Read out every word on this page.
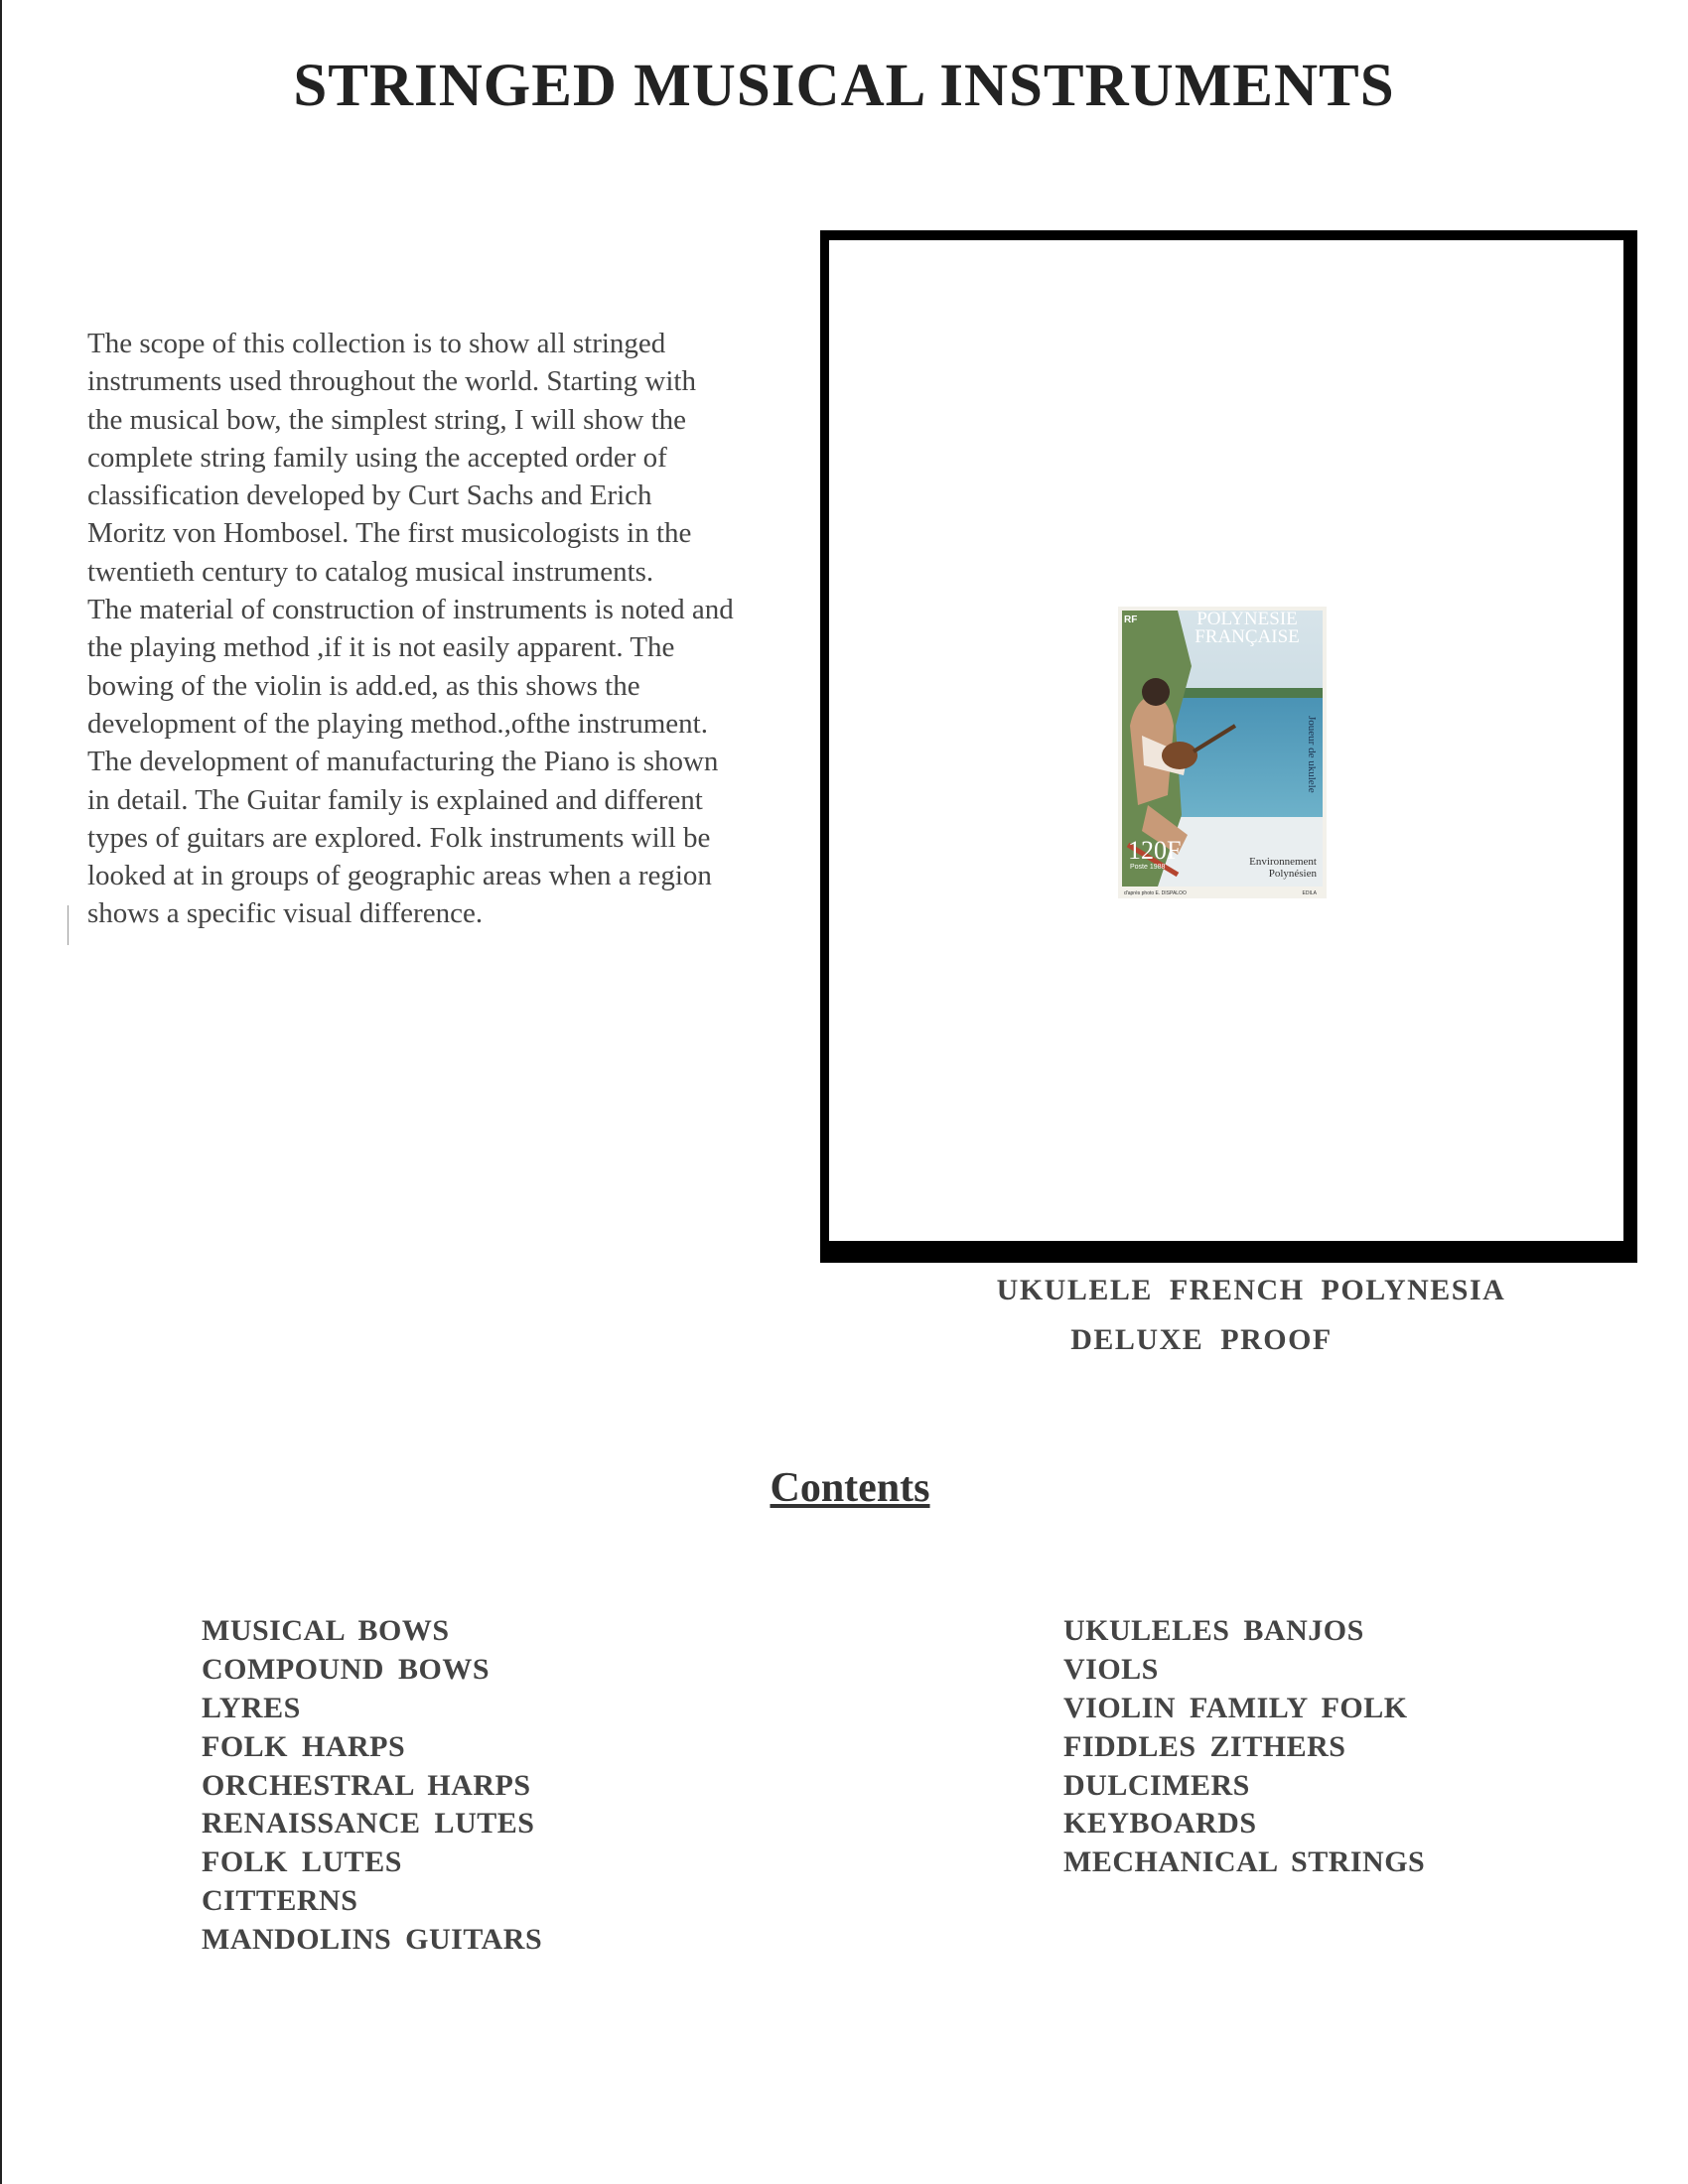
STRINGED MUSICAL INSTRUMENTS
The scope of this collection is to show all stringed
instruments used throughout the world. Starting with
the musical bow, the simplest string, I will show the
complete string family using the accepted order of
classification developed by Curt Sachs and Erich
Moritz von Hombosel. The first musicologists in the
twentieth century to catalog musical instruments.
The material of construction of instruments is noted and
the playing method ,if it is not easily apparent. The
bowing of the violin is add.ed, as this shows the
development of the playing method.,ofthe instrument.
The development of manufacturing the Piano is shown
in detail. The Guitar family is explained and different
types of guitars are explored. Folk instruments will be
looked at in groups of geographic areas when a region
shows a specific visual difference.
RF	POLYNESIE
FRANÇAISE
Joueur de ukulele
120F
Poste 1988	Environnement
Polynésien
d'après photo E. DISPALOO	EDILA
UKULELE FRENCH POLYNESIA
DELUXE PROOF
Contents
MUSICAL BOWS
COMPOUND BOWS
LYRES
FOLK HARPS
ORCHESTRAL HARPS
RENAISSANCE LUTES
FOLK LUTES
CITTERNS
MANDOLINS GUITARS
UKULELES BANJOS
VIOLS
VIOLIN FAMILY FOLK
FIDDLES ZITHERS
DULCIMERS
KEYBOARDS
MECHANICAL STRINGS
